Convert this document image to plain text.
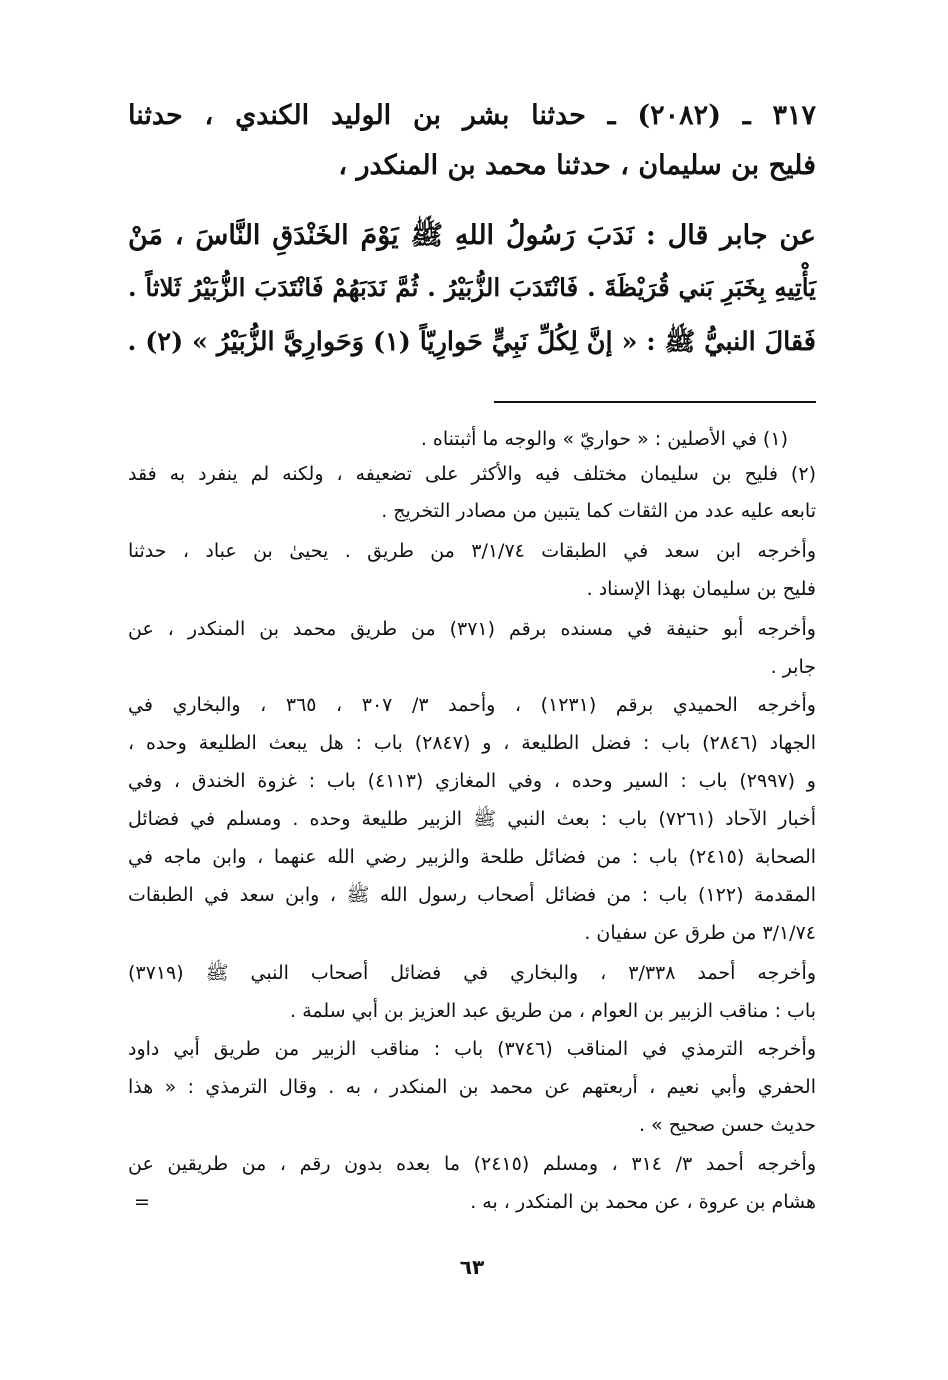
٣١٧ ـ (٢٠٨٢) ـ حدثنا بشر بن الوليد الكندي ، حدثنا
فليح بن سليمان ، حدثنا محمد بن المنكدر ،
عن جابر قال : نَدَبَ رَسُولُ اللهِ ﷺ يَوْمَ الخَنْدَقِ النَّاسَ ، مَنْ
يَأْتِيهِ بِخَبَرِ بَني قُرَيْظَةَ . فَانْتَدَبَ الزُّبَيْرُ . ثُمَّ نَدَبَهُمْ فَانْتَدَبَ الزُّبَيْرُ ثَلاثاً .
فَقالَ النبيُّ ﷺ : « إنَّ لِكُلِّ نَبِيٍّ حَوارِيّاً (١) وَحَوارِيَّ الزُّبَيْرُ » (٢) .
(١) في الأصلين : « حواريّ » والوجه ما أثبتناه .
(٢) فليح بن سليمان مختلف فيه والأكثر على تضعيفه ، ولكنه لم ينفرد به فقد
تابعه عليه عدد من الثقات كما يتبين من مصادر التخريج .
وأخرجه ابن سعد في الطبقات ٣/١/٧٤ من طريق . يحيىٰ بن عباد ، حدثنا
فليح بن سليمان بهذا الإسناد .
وأخرجه أبو حنيفة في مسنده برقم (٣٧١) من طريق محمد بن المنكدر ، عن
جابر .
وأخرجه الحميدي برقم (١٢٣١) ، وأحمد ٣/ ٣٠٧ ، ٣٦٥ ، والبخاري في
الجهاد (٢٨٤٦) باب : فضل الطليعة ، و (٢٨٤٧) باب : هل يبعث الطليعة وحده ،
و (٢٩٩٧) باب : السير وحده ، وفي المغازي (٤١١٣) باب : غزوة الخندق ، وفي
أخبار الآحاد (٧٢٦١) باب : بعث النبي ﷺ الزبير طليعة وحده . ومسلم في فضائل
الصحابة (٢٤١٥) باب : من فضائل طلحة والزبير رضي الله عنهما ، وابن ماجه في
المقدمة (١٢٢) باب : من فضائل أصحاب رسول الله ﷺ ، وابن سعد في الطبقات
٣/١/٧٤ من طرق عن سفيان .
وأخرجه أحمد ٣/٣٣٨ ، والبخاري في فضائل أصحاب النبي ﷺ (٣٧١٩)
باب : مناقب الزبير بن العوام ، من طريق عبد العزيز بن أبي سلمة .
وأخرجه الترمذي في المناقب (٣٧٤٦) باب : مناقب الزبير من طريق أبي داود
الحفري وأبي نعيم ، أربعتهم عن محمد بن المنكدر ، به . وقال الترمذي : « هذا
حديث حسن صحيح » .
وأخرجه أحمد ٣/ ٣١٤ ، ومسلم (٢٤١٥) ما بعده بدون رقم ، من طريقين عن
هشام بن عروة ، عن محمد بن المنكدر ، به .
=
٦٣
